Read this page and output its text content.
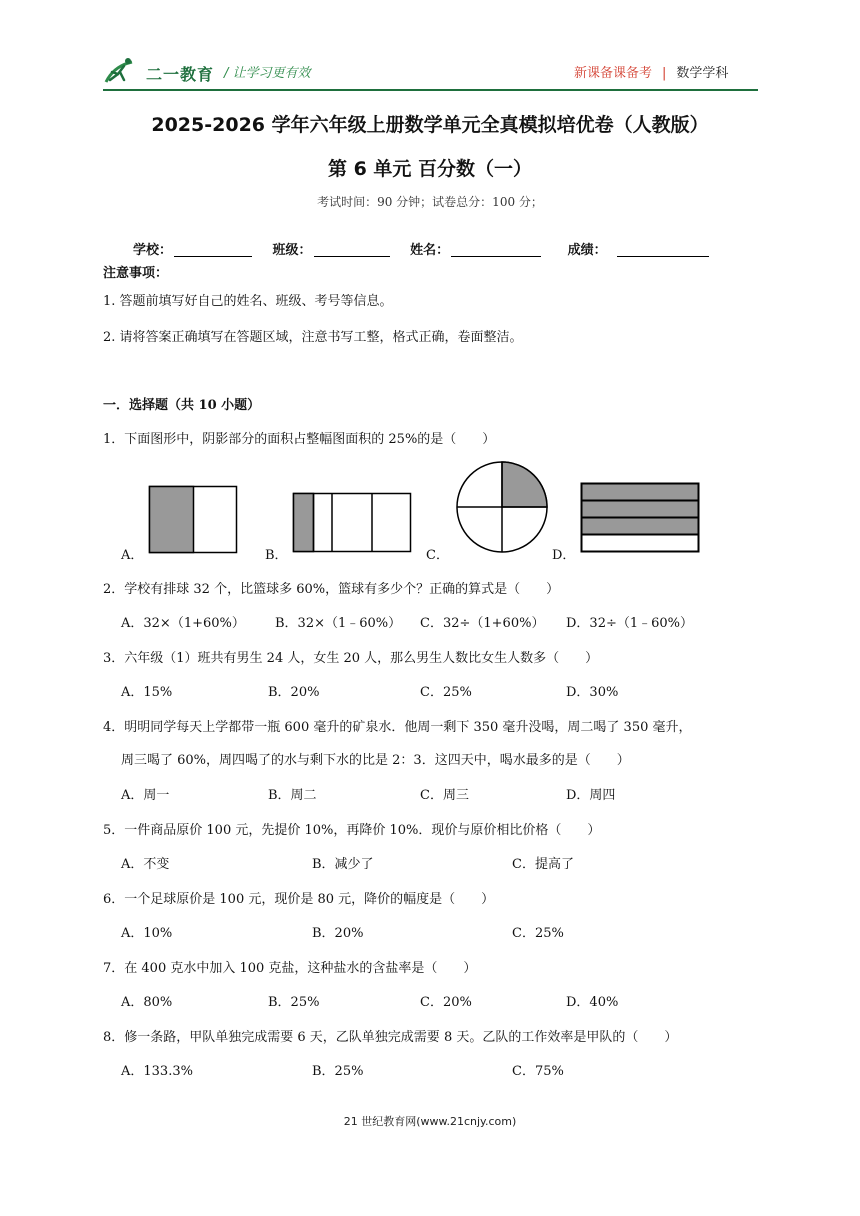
二一教育 / 让学习更有效	新课备课备考 | 数学学科
2025-2026 学年六年级上册数学单元全真模拟培优卷（人教版）
第 6 单元 百分数（一）
考试时间：90 分钟；试卷总分：100 分；
学校：	班级：	姓名：	成绩：
注意事项：
1. 答题前填写好自己的姓名、班级、考号等信息。
2. 请将答案正确填写在答题区域，注意书写工整，格式正确，卷面整洁。
一．选择题（共 10 小题）
1．下面图形中，阴影部分的面积占整幅图面积的 25%的是（　　）
A．	B．	C．	D．
2．学校有排球 32 个，比篮球多 60%，篮球有多少个？正确的算式是（　　）
A．32×（1+60%） B．32×（1﹣60%） C．32÷（1+60%） D．32÷（1﹣60%）
3．六年级（1）班共有男生 24 人，女生 20 人，那么男生人数比女生人数多（　　）
A．15%	B．20%	C．25%	D．30%
4．明明同学每天上学都带一瓶 600 毫升的矿泉水．他周一剩下 350 毫升没喝，周二喝了 350 毫升，
周三喝了 60%，周四喝了的水与剩下水的比是 2：3．这四天中，喝水最多的是（　　）
A．周一	B．周二	C．周三	D．周四
5．一件商品原价 100 元，先提价 10%，再降价 10%．现价与原价相比价格（　　）
A．不变	B．减少了	C．提高了
6．一个足球原价是 100 元，现价是 80 元，降价的幅度是（　　）
A．10%	B．20%	C．25%
7．在 400 克水中加入 100 克盐，这种盐水的含盐率是（　　）
A．80%	B．25%	C．20%	D．40%
8．修一条路，甲队单独完成需要 6 天，乙队单独完成需要 8 天。乙队的工作效率是甲队的（　　）
A．133.3%	B．25%	C．75%
21 世纪教育网(www.21cnjy.com)
